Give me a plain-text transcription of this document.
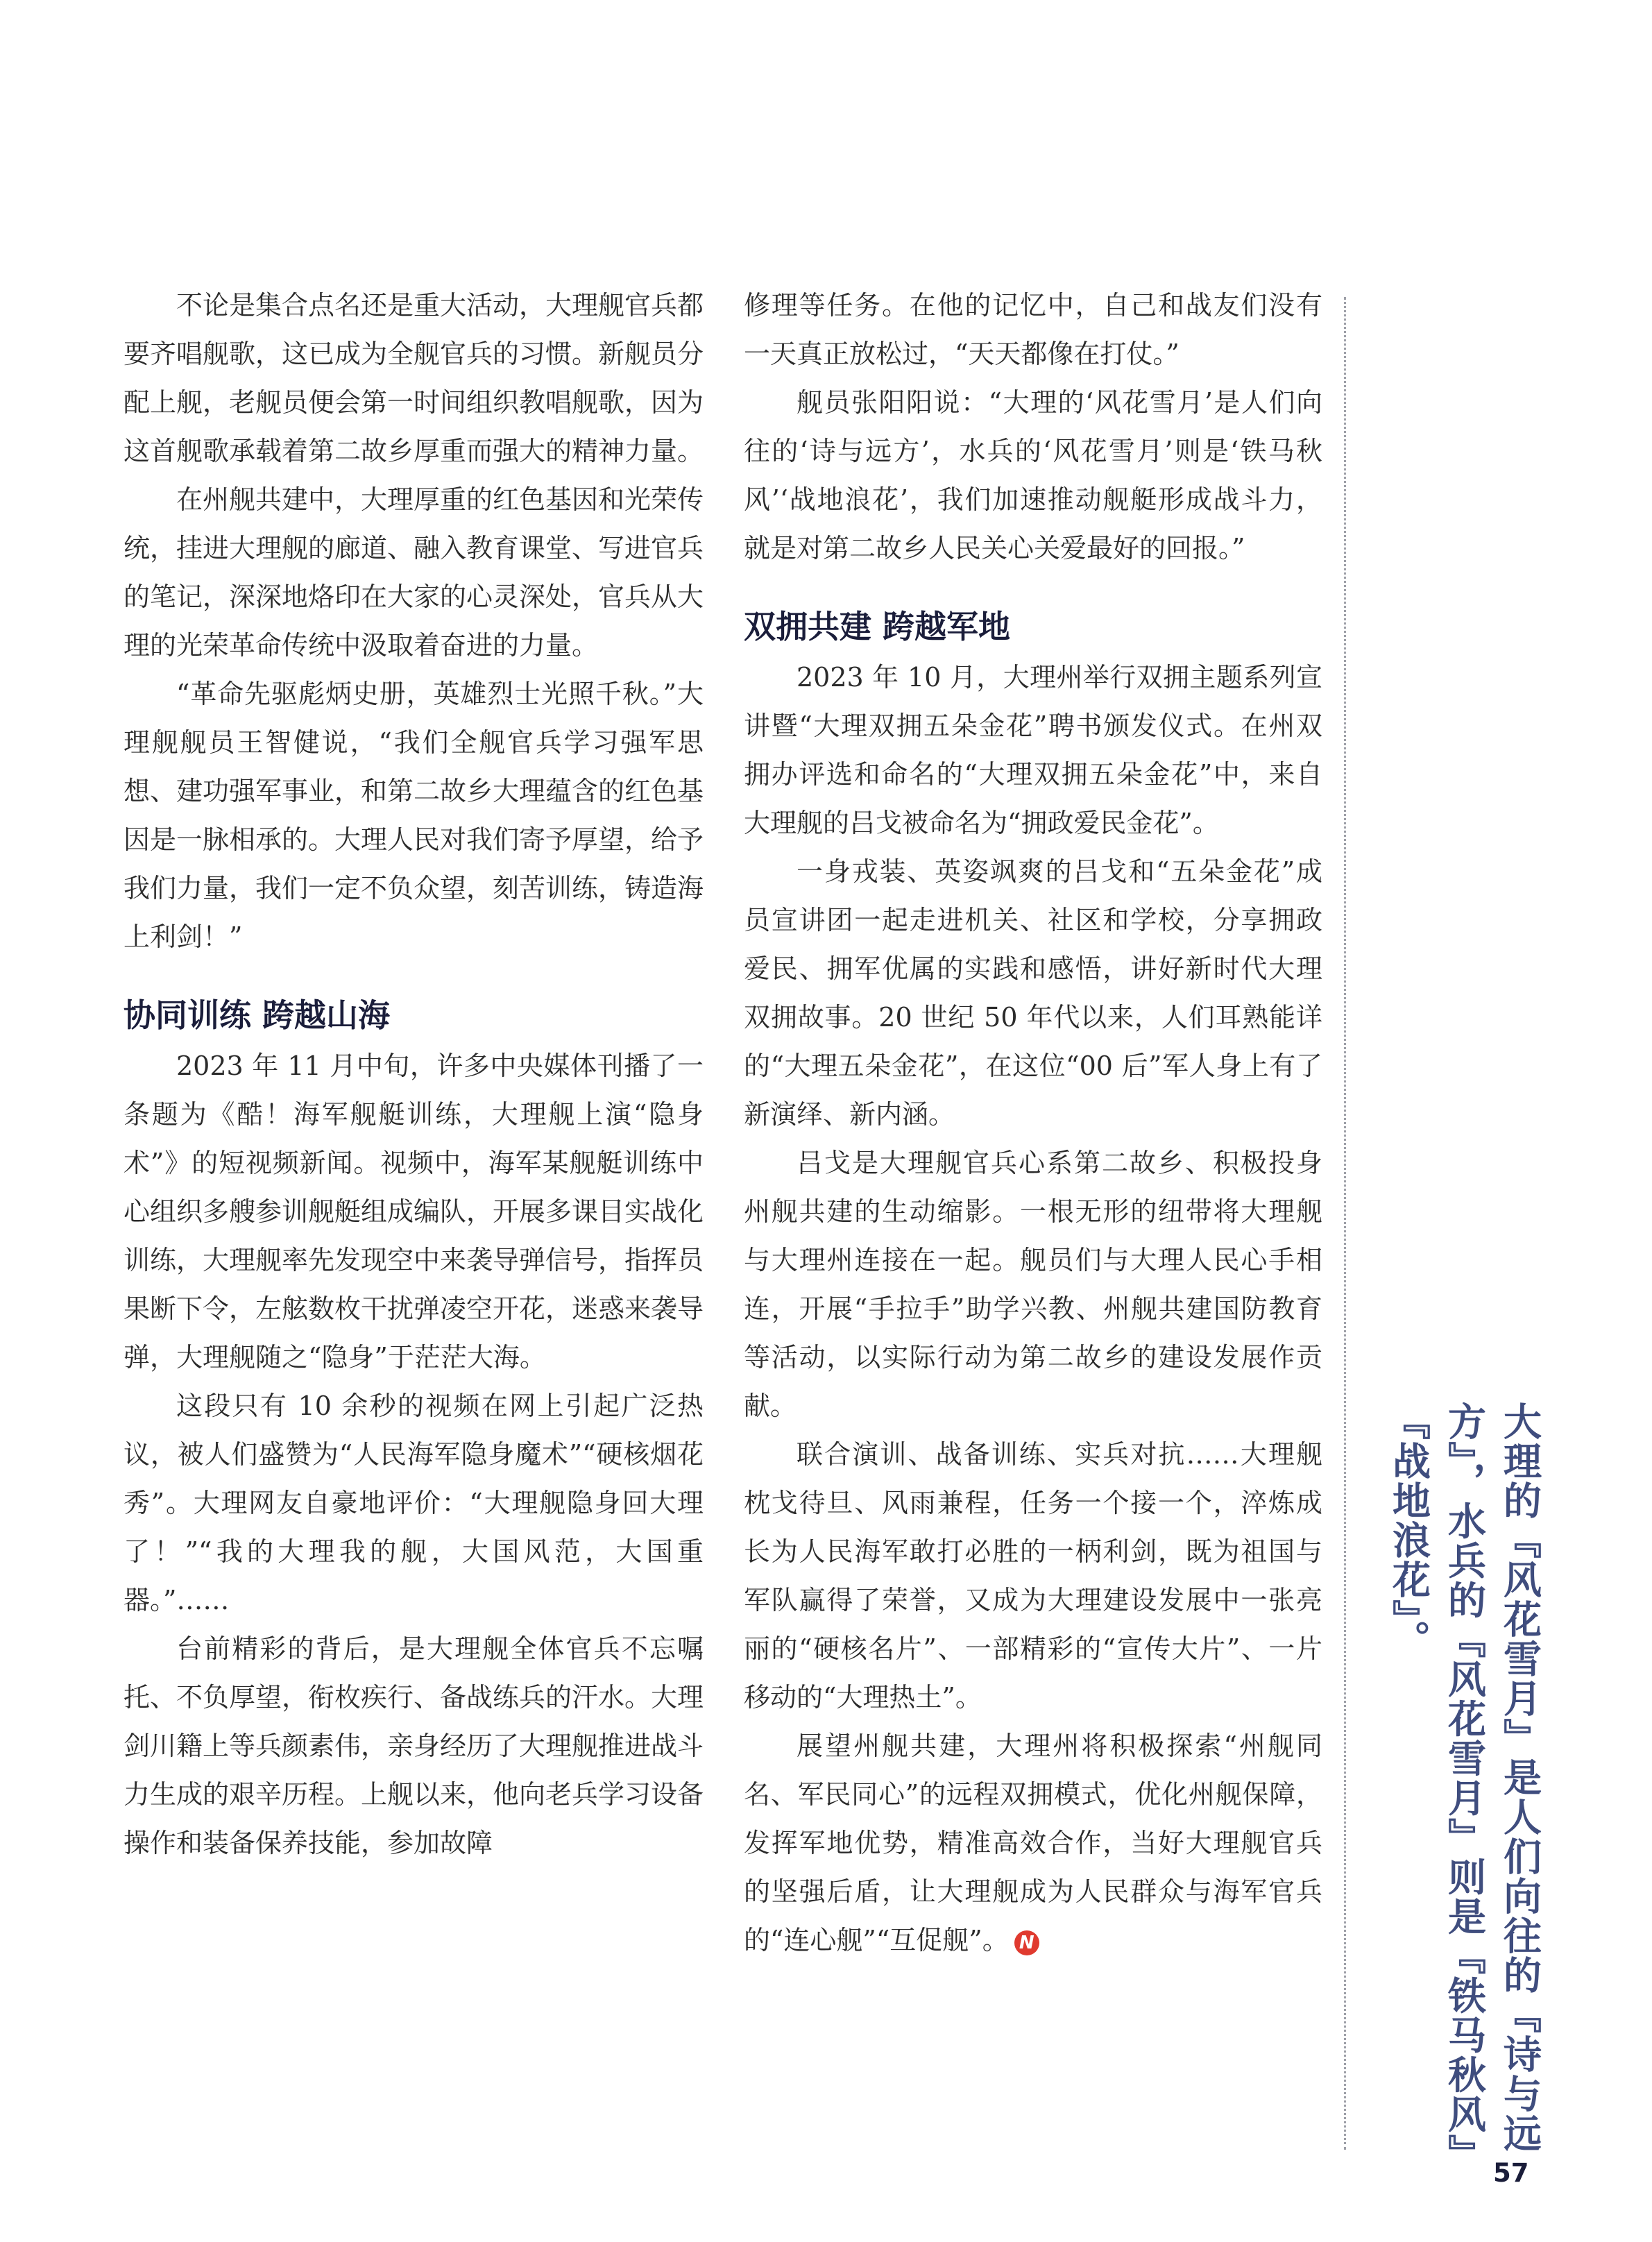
不论是集合点名还是重大活动，大理舰官兵都要齐唱舰歌，这已成为全舰官兵的习惯。新舰员分配上舰，老舰员便会第一时间组织教唱舰歌，因为这首舰歌承载着第二故乡厚重而强大的精神力量。

在州舰共建中，大理厚重的红色基因和光荣传统，挂进大理舰的廊道、融入教育课堂、写进官兵的笔记，深深地烙印在大家的心灵深处，官兵从大理的光荣革命传统中汲取着奋进的力量。

“革命先驱彪炳史册，英雄烈士光照千秋。”大理舰舰员王智健说，“我们全舰官兵学习强军思想、建功强军事业，和第二故乡大理蕴含的红色基因是一脉相承的。大理人民对我们寄予厚望，给予我们力量，我们一定不负众望，刻苦训练，铸造海上利剑！”

协同训练 跨越山海

2023 年 11 月中旬，许多中央媒体刊播了一条题为《酷！海军舰艇训练，大理舰上演“隐身术”》的短视频新闻。视频中，海军某舰艇训练中心组织多艘参训舰艇组成编队，开展多课目实战化训练，大理舰率先发现空中来袭导弹信号，指挥员果断下令，左舷数枚干扰弹凌空开花，迷惑来袭导弹，大理舰随之“隐身”于茫茫大海。

这段只有 10 余秒的视频在网上引起广泛热议，被人们盛赞为“人民海军隐身魔术”“硬核烟花秀”。大理网友自豪地评价：“大理舰隐身回大理了！”“我的大理我的舰，大国风范，大国重器。”……

台前精彩的背后，是大理舰全体官兵不忘嘱托、不负厚望，衔枚疾行、备战练兵的汗水。大理剑川籍上等兵颜素伟，亲身经历了大理舰推进战斗力生成的艰辛历程。上舰以来，他向老兵学习设备操作和装备保养技能，参加故障

修理等任务。在他的记忆中，自己和战友们没有一天真正放松过，“天天都像在打仗。”

舰员张阳阳说：“大理的‘风花雪月’是人们向往的‘诗与远方’，水兵的‘风花雪月’则是‘铁马秋风’‘战地浪花’，我们加速推动舰艇形成战斗力，就是对第二故乡人民关心关爱最好的回报。”

双拥共建 跨越军地

2023 年 10 月，大理州举行双拥主题系列宣讲暨“大理双拥五朵金花”聘书颁发仪式。在州双拥办评选和命名的“大理双拥五朵金花”中，来自大理舰的吕戈被命名为“拥政爱民金花”。

一身戎装、英姿飒爽的吕戈和“五朵金花”成员宣讲团一起走进机关、社区和学校，分享拥政爱民、拥军优属的实践和感悟，讲好新时代大理双拥故事。20 世纪 50 年代以来，人们耳熟能详的“大理五朵金花”，在这位“00 后”军人身上有了新演绎、新内涵。

吕戈是大理舰官兵心系第二故乡、积极投身州舰共建的生动缩影。一根无形的纽带将大理舰与大理州连接在一起。舰员们与大理人民心手相连，开展“手拉手”助学兴教、州舰共建国防教育等活动，以实际行动为第二故乡的建设发展作贡献。

联合演训、战备训练、实兵对抗……大理舰枕戈待旦、风雨兼程，任务一个接一个，淬炼成长为人民海军敢打必胜的一柄利剑，既为祖国与军队赢得了荣誉，又成为大理建设发展中一张亮丽的“硬核名片”、一部精彩的“宣传大片”、一片移动的“大理热土”。

展望州舰共建，大理州将积极探索“州舰同名、军民同心”的远程双拥模式，优化州舰保障，发挥军地优势，精准高效合作，当好大理舰官兵的坚强后盾，让大理舰成为人民群众与海军官兵的“连心舰”“互促舰”。 N	大理的『风花雪月』是人们向往的『诗与远方』，水兵的『风花雪月』则是『铁马秋风』『战地浪花』。
57
